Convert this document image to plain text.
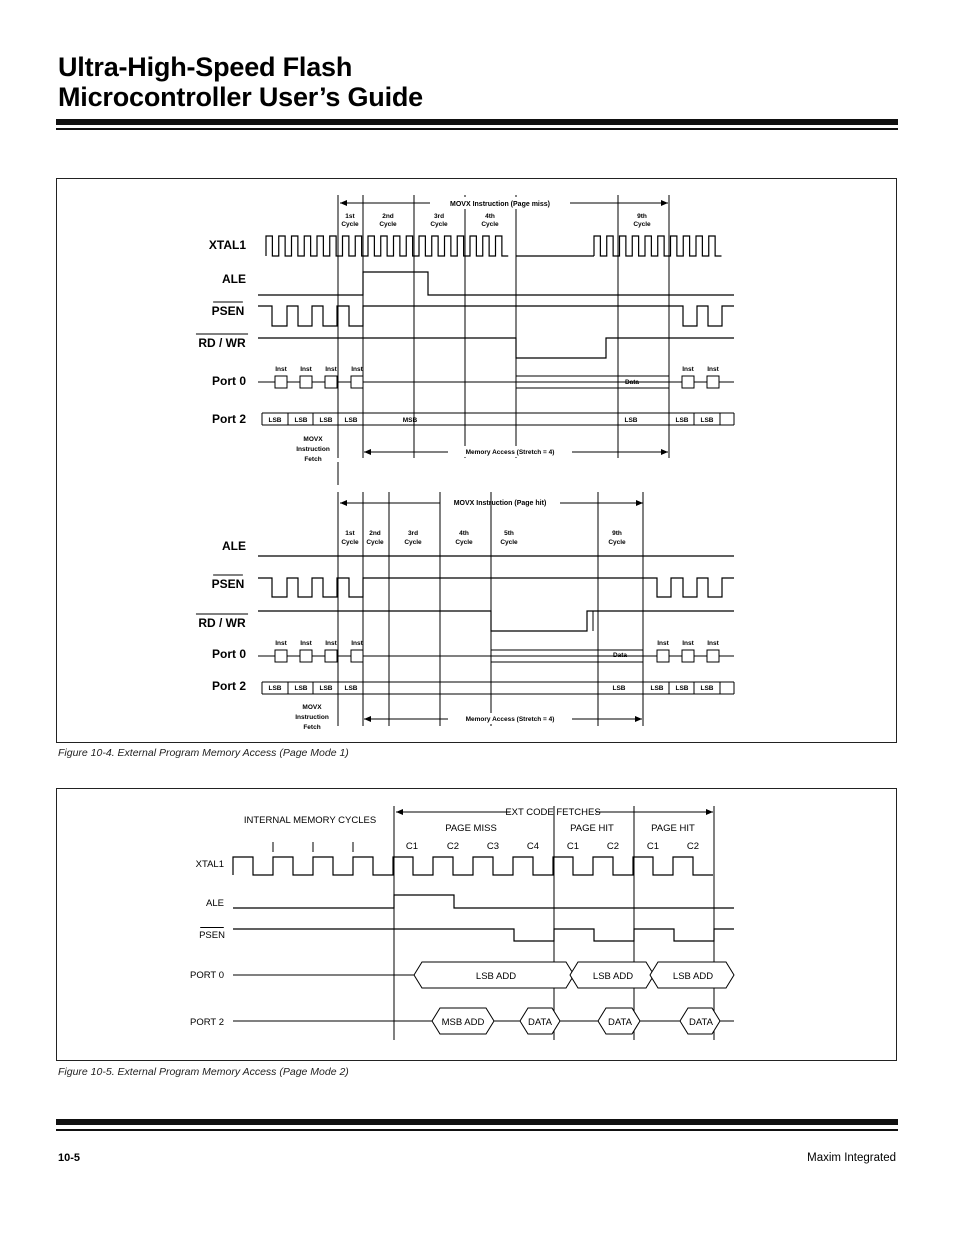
Ultra-High-Speed Flash
Microcontroller User’s Guide
Figure 10-4. External Program Memory Access (Page Mode 1)
Figure 10-5. External Program Memory Access (Page Mode 2)
10-5	Maxim Integrated
XTAL1
ALE
PSEN
RD / WR
Port 0
Port 2
MOVX Instruction (Page miss)
1st
Cycle
2nd
Cycle
3rd
Cycle
4th
Cycle
9th
Cycle
Inst Inst Inst Inst	Inst Inst
Data
LSB LSB LSB LSB	MSB	LSB	LSB LSB
MOVX
Instruction
Fetch
Memory Access (Stretch = 4)
ALE
PSEN
RD / WR
Port 0
Port 2
MOVX Instruction (Page hit)
1st
Cycle
2nd
Cycle
3rd
Cycle
4th
Cycle
5th
Cycle
9th
Cycle
Inst Inst Inst Inst	Inst Inst Inst
Data
LSB LSB LSB LSB	LSB	LSB LSB LSB
MOVX
Instruction
Fetch
Memory Access (Stretch = 4)
INTERNAL MEMORY CYCLES
EXT CODE FETCHES
PAGE MISS	PAGE HIT	PAGE HIT
C1	C2	C3	C4	C1	C2	C1	C2
XTAL1
ALE
PSEN
PORT 0
PORT 2
LSB ADD	LSB ADD	LSB ADD
MSB ADD	DATA	DATA	DATA
